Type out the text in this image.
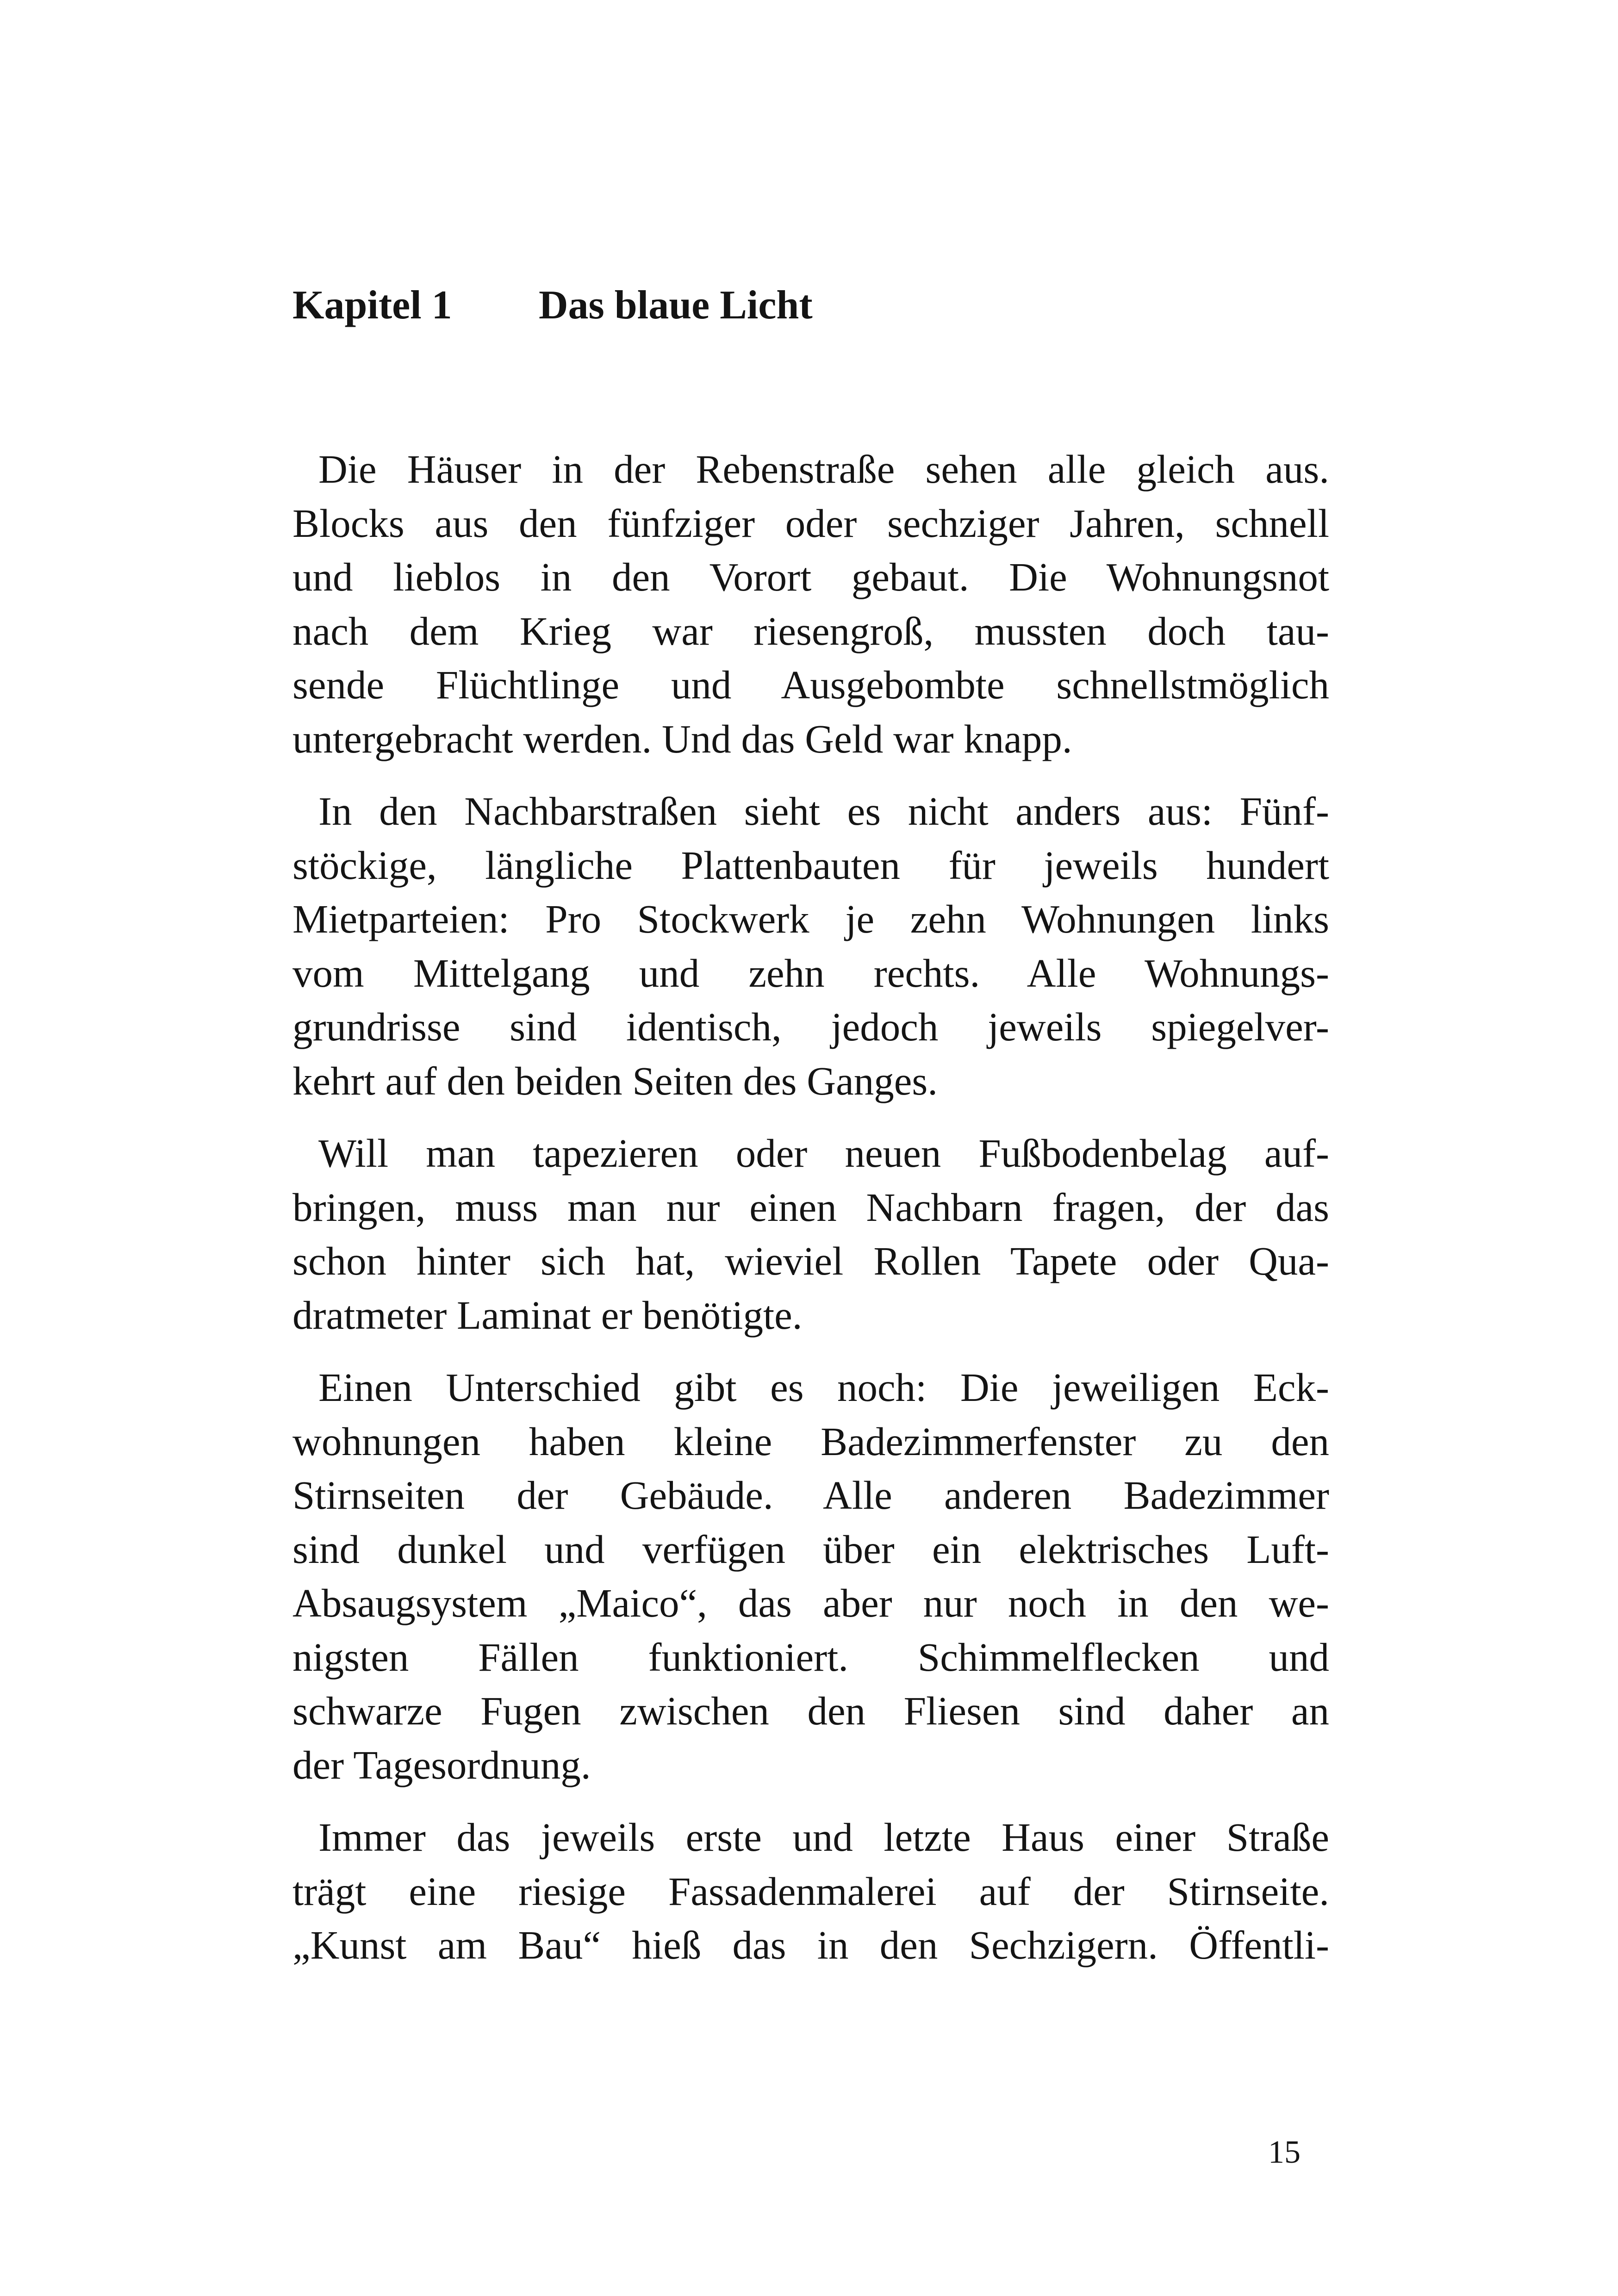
Kapitel 1 Das blaue Licht
Die Häuser in der Rebenstraße sehen alle gleich aus.
Blocks aus den fünfziger oder sechziger Jahren, schnell
und lieblos in den Vorort gebaut. Die Wohnungsnot
nach dem Krieg war riesengroß, mussten doch tau-
sende Flüchtlinge und Ausgebombte schnellstmöglich
untergebracht werden. Und das Geld war knapp.
In den Nachbarstraßen sieht es nicht anders aus: Fünf-
stöckige, längliche Plattenbauten für jeweils hundert
Mietparteien: Pro Stockwerk je zehn Wohnungen links
vom Mittelgang und zehn rechts. Alle Wohnungs-
grundrisse sind identisch, jedoch jeweils spiegelver-
kehrt auf den beiden Seiten des Ganges.
Will man tapezieren oder neuen Fußbodenbelag auf-
bringen, muss man nur einen Nachbarn fragen, der das
schon hinter sich hat, wieviel Rollen Tapete oder Qua-
dratmeter Laminat er benötigte.
Einen Unterschied gibt es noch: Die jeweiligen Eck-
wohnungen haben kleine Badezimmerfenster zu den
Stirnseiten der Gebäude. Alle anderen Badezimmer
sind dunkel und verfügen über ein elektrisches Luft-
Absaugsystem „Maico“, das aber nur noch in den we-
nigsten Fällen funktioniert. Schimmelflecken und
schwarze Fugen zwischen den Fliesen sind daher an
der Tagesordnung.
Immer das jeweils erste und letzte Haus einer Straße
trägt eine riesige Fassadenmalerei auf der Stirnseite.
„Kunst am Bau“ hieß das in den Sechzigern. Öffentli-
15
